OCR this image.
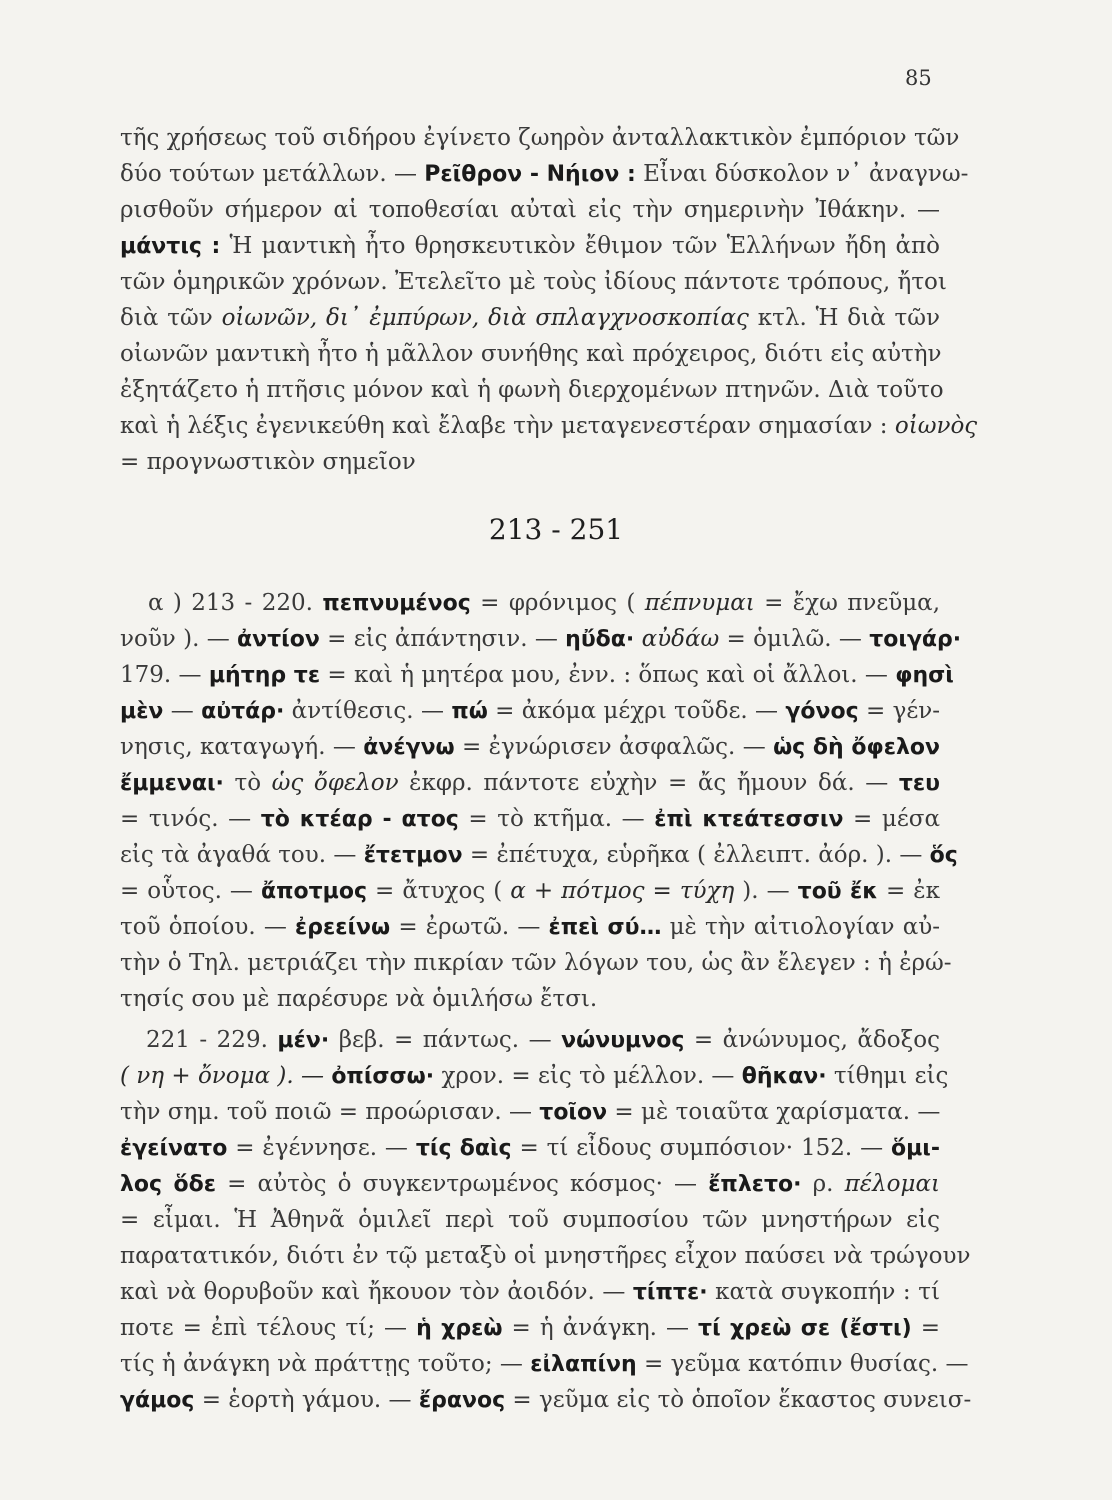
85
τῆς χρήσεως τοῦ σιδήρου ἐγίνετο ζωηρὸν ἀνταλλακτικὸν ἐμπόριον τῶν
δύο τούτων μετάλλων. — Ρεῖθρον - Νήιον : Εἶναι δύσκολον ν᾽ ἀναγνω-
ρισθοῦν σήμερον αἱ τοποθεσίαι αὐταὶ εἰς τὴν σημερινὴν Ἰθάκην. —
μάντις : Ἡ μαντικὴ ἦτο θρησκευτικὸν ἔθιμον τῶν Ἑλλήνων ἤδη ἀπὸ
τῶν ὁμηρικῶν χρόνων. Ἐτελεῖτο μὲ τοὺς ἰδίους πάντοτε τρόπους, ἤτοι
διὰ τῶν οἰωνῶν, δι᾽ ἐμπύρων, διὰ σπλαγχνοσκοπίας κτλ. Ἡ διὰ τῶν
οἰωνῶν μαντικὴ ἦτο ἡ μᾶλλον συνήθης καὶ πρόχειρος, διότι εἰς αὐτὴν
ἐξητάζετο ἡ πτῆσις μόνον καὶ ἡ φωνὴ διερχομένων πτηνῶν. Διὰ τοῦτο
καὶ ἡ λέξις ἐγενικεύθη καὶ ἔλαβε τὴν μεταγενεστέραν σημασίαν : οἰωνὸς
= προγνωστικὸν σημεῖον
213 - 251
α ) 213 - 220. πεπνυμένος = φρόνιμος ( πέπνυμαι = ἔχω πνεῦμα,
νοῦν ). — ἀντίον = εἰς ἀπάντησιν. — ηὔδα· αὐδάω = ὁμιλῶ. — τοιγάρ·
179. — μήτηρ τε = καὶ ἡ μητέρα μου, ἐνν. : ὅπως καὶ οἱ ἄλλοι. — φησὶ
μὲν — αὐτάρ· ἀντίθεσις. — πώ = ἀκόμα μέχρι τοῦδε. — γόνος = γέν-
νησις, καταγωγή. — ἀνέγνω = ἐγνώρισεν ἀσφαλῶς. — ὡς δὴ ὄφελον
ἔμμεναι· τὸ ὡς ὄφελον ἐκφρ. πάντοτε εὐχὴν = ἄς ἤμουν δά. — τευ
= τινός. — τὸ κτέαρ - ατος = τὸ κτῆμα. — ἐπὶ κτεάτεσσιν = μέσα
εἰς τὰ ἀγαθά του. — ἔτετμον = ἐπέτυχα, εὑρῆκα ( ἐλλειπτ. ἀόρ. ). — ὅς
= οὗτος. — ἄποτμος = ἄτυχος ( α + πότμος = τύχη ). — τοῦ ἔκ = ἐκ
τοῦ ὁποίου. — ἐρεείνω = ἐρωτῶ. — ἐπεὶ σύ… μὲ τὴν αἰτιολογίαν αὐ-
τὴν ὁ Τηλ. μετριάζει τὴν πικρίαν τῶν λόγων του, ὡς ἂν ἔλεγεν : ἡ ἐρώ-
τησίς σου μὲ παρέσυρε νὰ ὁμιλήσω ἔτσι.
221 - 229. μέν· βεβ. = πάντως. — νώνυμνος = ἀνώνυμος, ἄδοξος
( νη + ὄνομα ). — ὀπίσσω· χρον. = εἰς τὸ μέλλον. — θῆκαν· τίθημι εἰς
τὴν σημ. τοῦ ποιῶ = προώρισαν. — τοῖον = μὲ τοιαῦτα χαρίσματα. —
ἐγείνατο = ἐγέννησε. — τίς δαὶς = τί εἶδους συμπόσιον· 152. — ὅμι-
λος ὅδε = αὐτὸς ὁ συγκεντρωμένος κόσμος· — ἔπλετο· ρ. πέλομαι
= εἶμαι. Ἡ Ἀθηνᾶ ὁμιλεῖ περὶ τοῦ συμποσίου τῶν μνηστήρων εἰς
παρατατικόν, διότι ἐν τῷ μεταξὺ οἱ μνηστῆρες εἶχον παύσει νὰ τρώγουν
καὶ νὰ θορυβοῦν καὶ ἤκουον τὸν ἀοιδόν. — τίπτε· κατὰ συγκοπήν : τί
ποτε = ἐπὶ τέλους τί; — ἡ χρεὼ = ἡ ἀνάγκη. — τί χρεὼ σε (ἔστι) =
τίς ἡ ἀνάγκη νὰ πράττῃς τοῦτο; — εἰλαπίνη = γεῦμα κατόπιν θυσίας. —
γάμος = ἑορτὴ γάμου. — ἔρανος = γεῦμα εἰς τὸ ὁποῖον ἕκαστος συνεισ-
